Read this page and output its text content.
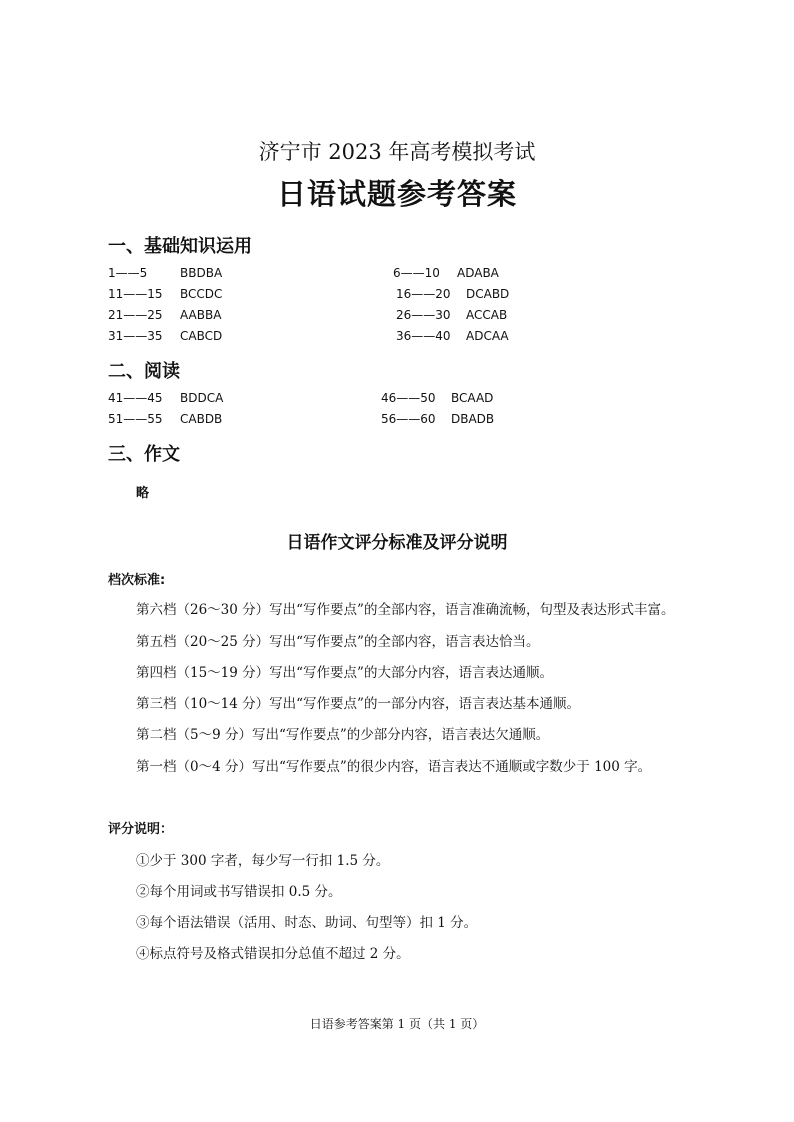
济宁市 2023 年高考模拟考试
日语试题参考答案
一、基础知识运用
1——5	BBDBA	6——10 ADABA
11——15 BCCDC	16——20 DCABD
21——25 AABBA	26——30 ACCAB
31——35 CABCD	36——40 ADCAA
二、阅读
41——45 BDDCA	46——50 BCAAD
51——55 CABDB	56——60 DBADB
三、作文
略
日语作文评分标准及评分说明
档次标准:
第六档（26～30 分）写出“写作要点”的全部内容，语言准确流畅，句型及表达形式丰富。
第五档（20～25 分）写出“写作要点”的全部内容，语言表达恰当。
第四档（15～19 分）写出“写作要点”的大部分内容，语言表达通顺。
第三档（10～14 分）写出“写作要点”的一部分内容，语言表达基本通顺。
第二档（5～9 分）写出“写作要点”的少部分内容，语言表达欠通顺。
第一档（0～4 分）写出“写作要点”的很少内容，语言表达不通顺或字数少于 100 字。
评分说明：
①少于 300 字者，每少写一行扣 1.5 分。
②每个用词或书写错误扣 0.5 分。
③每个语法错误（活用、时态、助词、句型等）扣 1 分。
④标点符号及格式错误扣分总值不超过 2 分。
日语参考答案第 1 页（共 1 页）
